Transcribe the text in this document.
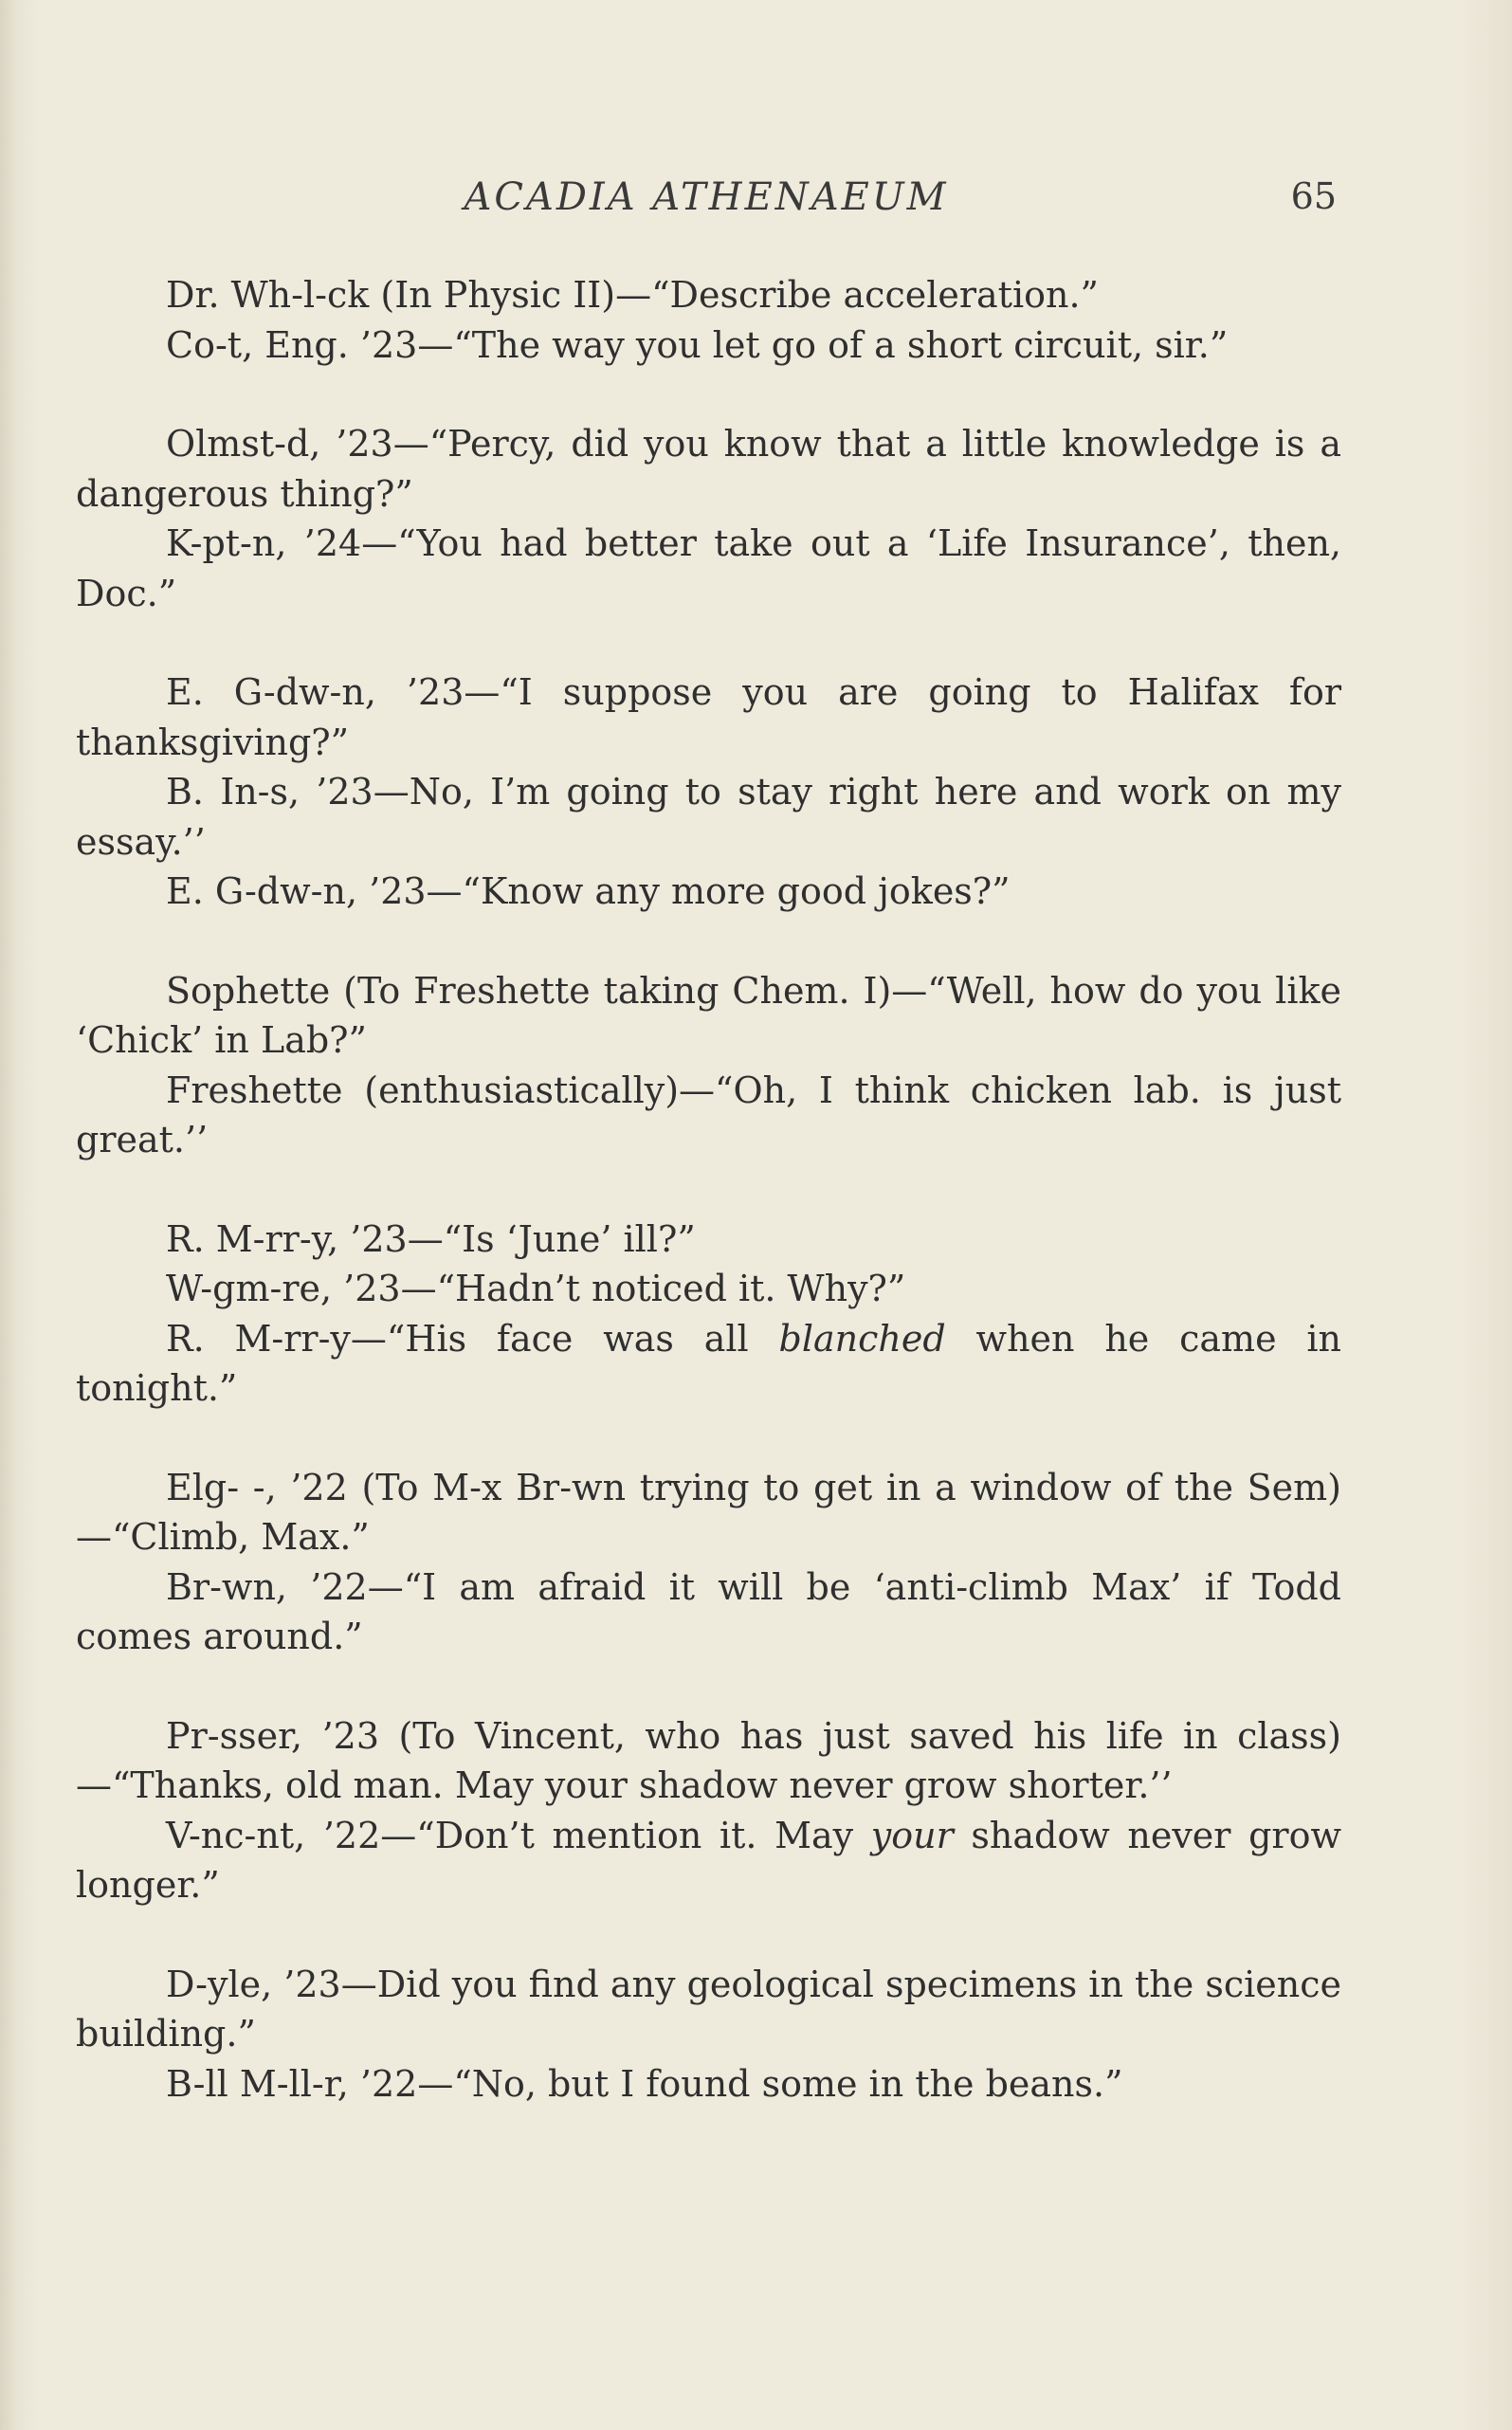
ACADIA ATHENAEUM	65

Dr. Wh-l-ck (In Physic II)—“Describe acceleration.”

Co-t, Eng. ’23—“The way you let go of a short circuit, sir.”

Olmst-d, ’23—“Percy, did you know that a little knowledge is a dangerous thing?”

K-pt-n, ’24—“You had better take out a ‘Life Insurance’, then, Doc.”

E. G-dw-n, ’23—“I suppose you are going to Halifax for thanksgiving?”

B. In-s, ’23—No, I’m going to stay right here and work on my essay.’’

E. G-dw-n, ’23—“Know any more good jokes?”

Sophette (To Freshette taking Chem. I)—“Well, how do you like ‘Chick’ in Lab?”

Freshette (enthusiastically)—“Oh, I think chicken lab. is just great.’’

R. M-rr-y, ’23—“Is ‘June’ ill?”

W-gm-re, ’23—“Hadn’t noticed it. Why?”

R. M-rr-y—“His face was all blanched when he came in tonight.”

Elg- -, ’22 (To M-x Br-wn trying to get in a window of the Sem)—“Climb, Max.”

Br-wn, ’22—“I am afraid it will be ‘anti-climb Max’ if Todd comes around.”

Pr-sser, ’23 (To Vincent, who has just saved his life in class)—“Thanks, old man. May your shadow never grow shorter.’’

V-nc-nt, ’22—“Don’t mention it. May your shadow never grow longer.”

D-yle, ’23—Did you find any geological specimens in the science building.”

B-ll M-ll-r, ’22—“No, but I found some in the beans.”
